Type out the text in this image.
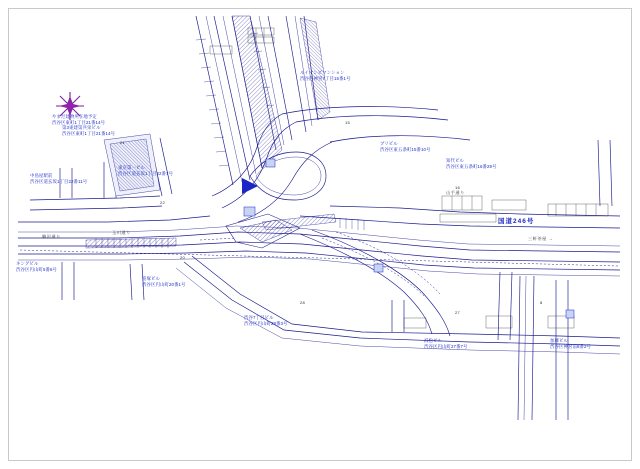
やまだ建物所在地予定
渋谷区東町1丁目21番14号
第3東建第共栄ビル
渋谷区東町1丁目21番14号
中島屋駅前
渋谷区道玄坂1丁目22番11号
東京第一ビル
渋谷区道玄坂1丁目22番7号
ルイマンビマンション
渋谷区神宮7丁目15番1号
ブリビル
渋谷区東五条町15番10号
知代ビル
渋谷区東五条町16番29号
キングビル
渋谷区円山町5番6号
笹塚ビル
渋谷区円山町20番1号
渋谷7丁目ビル
渋谷区円山町28番3号
浜松ビル
渋谷区円山町27番7号
加藤ビル
渋谷区神宮前8番2号
国道246号
三軒茶屋 →
山手通り
駒沢通り
玉川通り
21
22
15
16
20
28
27
8
